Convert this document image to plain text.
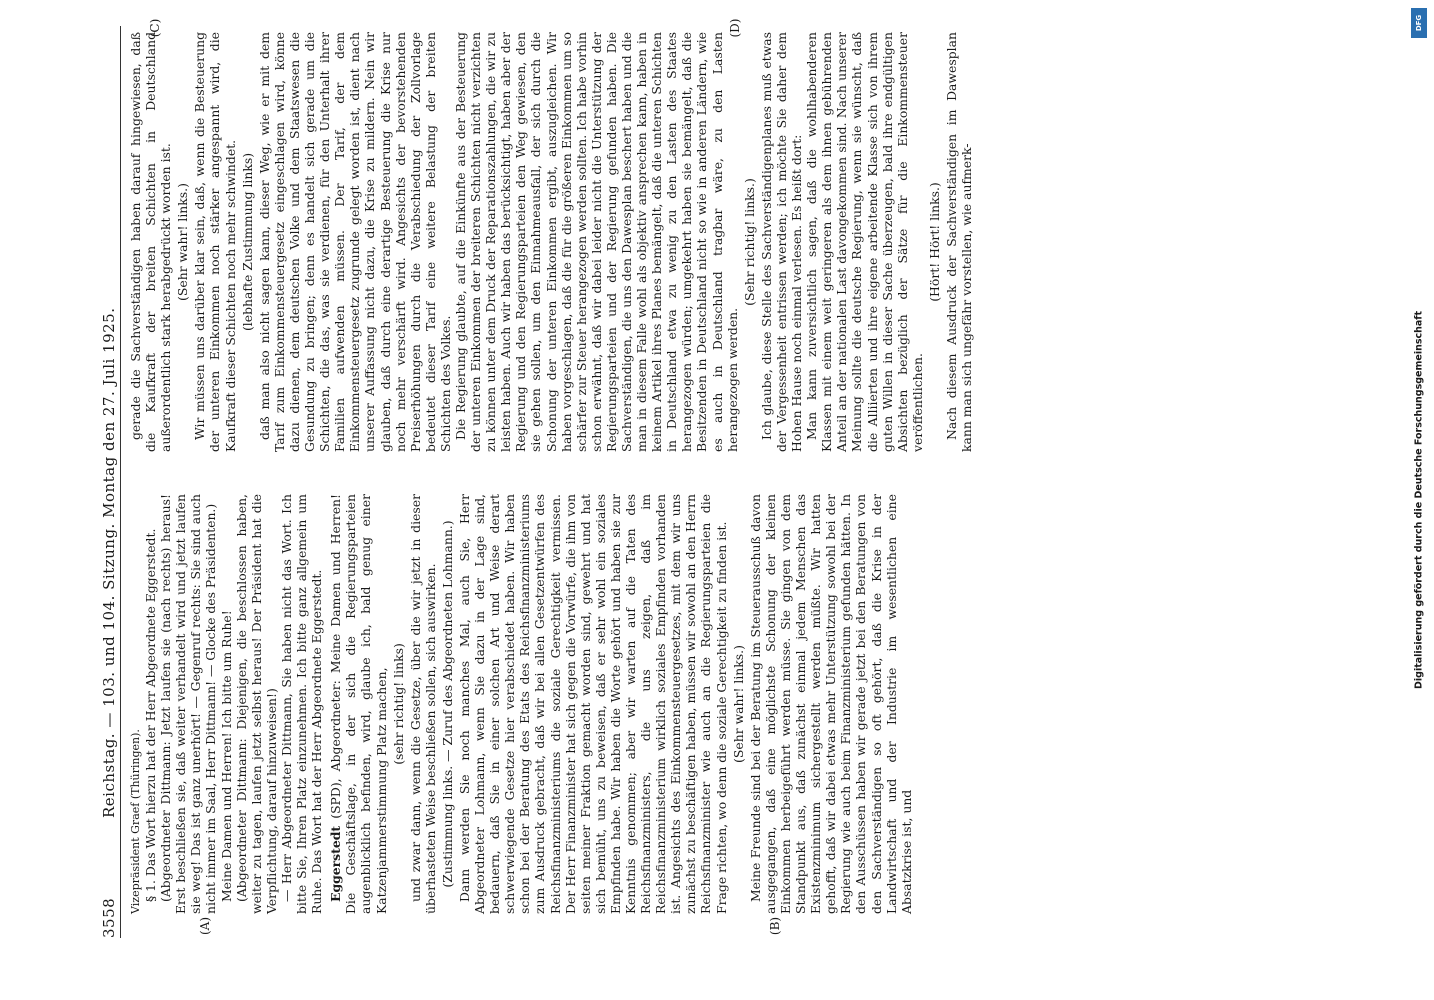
3558
Reichstag. — 103. und 104. Sitzung. Montag den 27. Juli 1925.
(A)	(B)
(C)	(D)

Vizepräsident Graef (Thüringen). § 1. Das Wort hierzu hat der Herr Abgeordnete Eggerstedt. (Abgeordneter Dittmann: Jetzt laufen sie (nach rechts) heraus! Erst beschließen sie, daß weiter verhandelt wird und jetzt laufen sie weg! Das ist ganz unerhört! — Gegenruf rechts: Sie sind auch nicht immer im Saal, Herr Dittmann! — Glocke des Präsidenten.) Meine Damen und Herren! Ich bitte um Ruhe! (Abgeordneter Dittmann: Diejenigen, die beschlossen haben, weiter zu tagen, laufen jetzt selbst heraus! Der Präsident hat die Verpflichtung, darauf hinzuweisen!) — Herr Abgeordneter Dittmann, Sie haben nicht das Wort. Ich bitte Sie, Ihren Platz einzunehmen. Ich bitte ganz allgemein um Ruhe. Das Wort hat der Herr Abgeordnete Eggerstedt. Eggerstedt (SPD), Abgeordneter: Meine Damen und Herren! Die Geschäftslage, in der sich die Regierungsparteien augenblicklich befinden, wird, glaube ich, bald genug einer Katzenjammerstimmung Platz machen, (sehr richtig! links) und zwar dann, wenn die Gesetze, über die wir jetzt in dieser überhasteten Weise beschließen sollen, sich auswirken. (Zustimmung links. — Zuruf des Abgeordneten Lohmann.) Dann werden Sie noch manches Mal, auch Sie, Herr Abgeordneter Lohmann, wenn Sie dazu in der Lage sind, bedauern, daß Sie in einer solchen Art und Weise derart schwerwiegende Gesetze hier verabschiedet haben. Wir haben schon bei der Beratung des Etats des Reichsfinanzministeriums zum Ausdruck gebracht, daß wir bei allen Gesetzentwürfen des Reichsfinanzministeriums die soziale Gerechtigkeit vermissen. Der Herr Finanzminister hat sich gegen die Vorwürfe, die ihm von seiten meiner Fraktion gemacht worden sind, gewehrt und hat sich bemüht, uns zu beweisen, daß er sehr wohl ein soziales Empfinden habe. Wir haben die Worte gehört und haben sie zur Kenntnis genommen; aber wir warten auf die Taten des Reichsfinanzministers, die uns zeigen, daß im Reichsfinanzministerium wirklich soziales Empfinden vorhanden ist. Angesichts des Einkommensteuergesetzes, mit dem wir uns zunächst zu beschäftigen haben, müssen wir sowohl an den Herrn Reichsfinanzminister wie auch an die Regierungsparteien die Frage richten, wo denn die soziale Gerechtigkeit zu finden ist. (Sehr wahr! links.) Meine Freunde sind bei der Beratung im Steuerausschuß davon ausgegangen, daß eine möglichste Schonung der kleinen Einkommen herbeigeführt werden müsse. Sie gingen von dem Standpunkt aus, daß zunächst einmal jedem Menschen das Existenzminimum sichergestellt werden müßte. Wir hatten gehofft, daß wir dabei etwas mehr Unterstützung sowohl bei der Regierung wie auch beim Finanzministerium gefunden hätten. In den Ausschüssen haben wir gerade jetzt bei den Beratungen von den Sachverständigen so oft gehört, daß die Krise in der Landwirtschaft und der Industrie im wesentlichen eine Absatzkrise ist, und

gerade die Sachverständigen haben darauf hingewiesen, daß die Kaufkraft der breiten Schichten in Deutschland außerordentlich stark herabgedrückt worden ist. (Sehr wahr! links.) Wir müssen uns darüber klar sein, daß, wenn die Besteuerung der unteren Einkommen noch stärker angespannt wird, die Kaufkraft dieser Schichten noch mehr schwindet. (lebhafte Zustimmung links) daß man also nicht sagen kann, dieser Weg, wie er mit dem Tarif zum Einkommensteuergesetz eingeschlagen wird, könne dazu dienen, dem deutschen Volke und dem Staatswesen die Gesundung zu bringen; denn es handelt sich gerade um die Schichten, die das, was sie verdienen, für den Unterhalt ihrer Familien aufwenden müssen. Der Tarif, der dem Einkommensteuergesetz zugrunde gelegt worden ist, dient nach unserer Auffassung nicht dazu, die Krise zu mildern. Nein wir glauben, daß durch eine derartige Besteuerung die Krise nur noch mehr verschärft wird. Angesichts der bevorstehenden Preiserhöhungen durch die Verabschiedung der Zollvorlage bedeutet dieser Tarif eine weitere Belastung der breiten Schichten des Volkes. Die Regierung glaubte, auf die Einkünfte aus der Besteuerung der unteren Einkommen der breiteren Schichten nicht verzichten zu können unter dem Druck der Reparationszahlungen, die wir zu leisten haben. Auch wir haben das berücksichtigt, haben aber der Regierung und den Regierungsparteien den Weg gewiesen, den sie gehen sollen, um den Einnahmeausfall, der sich durch die Schonung der unteren Einkommen ergibt, auszugleichen. Wir haben vorgeschlagen, daß die für die größeren Einkommen um so schärfer zur Steuer herangezogen werden sollten. Ich habe vorhin schon erwähnt, daß wir dabei leider nicht die Unterstützung der Regierungsparteien und der Regierung gefunden haben. Die Sachverständigen, die uns den Dawesplan beschert haben und die man in diesem Falle wohl als objektiv ansprechen kann, haben in keinem Artikel ihres Planes bemängelt, daß die unteren Schichten in Deutschland etwa zu wenig zu den Lasten des Staates herangezogen würden; umgekehrt haben sie bemängelt, daß die Besitzenden in Deutschland nicht so wie in anderen Ländern, wie es auch in Deutschland tragbar wäre, zu den Lasten herangezogen werden.

(Sehr richtig! links.) Ich glaube, diese Stelle des Sachverständigenplanes muß etwas der Vergessenheit entrissen werden; ich möchte Sie daher dem Hohen Hause noch einmal verlesen. Es heißt dort: Man kann zuversichtlich sagen, daß die wohlhabenderen Klassen mit einem weit geringeren als dem ihnen gebührenden Anteil an der nationalen Last davongekommen sind. Nach unserer Meinung sollte die deutsche Regierung, wenn sie wünscht, daß die Alliierten und ihre eigene arbeitende Klasse sich von ihrem guten Willen in dieser Sache überzeugen, bald ihre endgültigen Absichten bezüglich der Sätze für die Einkommensteuer veröffentlichen.

(Hört! Hört! links.) Nach diesem Ausdruck der Sachverständigen im Dawesplan kann man sich ungefähr vorstellen, wie aufmerk-

Digitalisierung gefördert durch die Deutsche Forschungsgemeinschaft
DFG
